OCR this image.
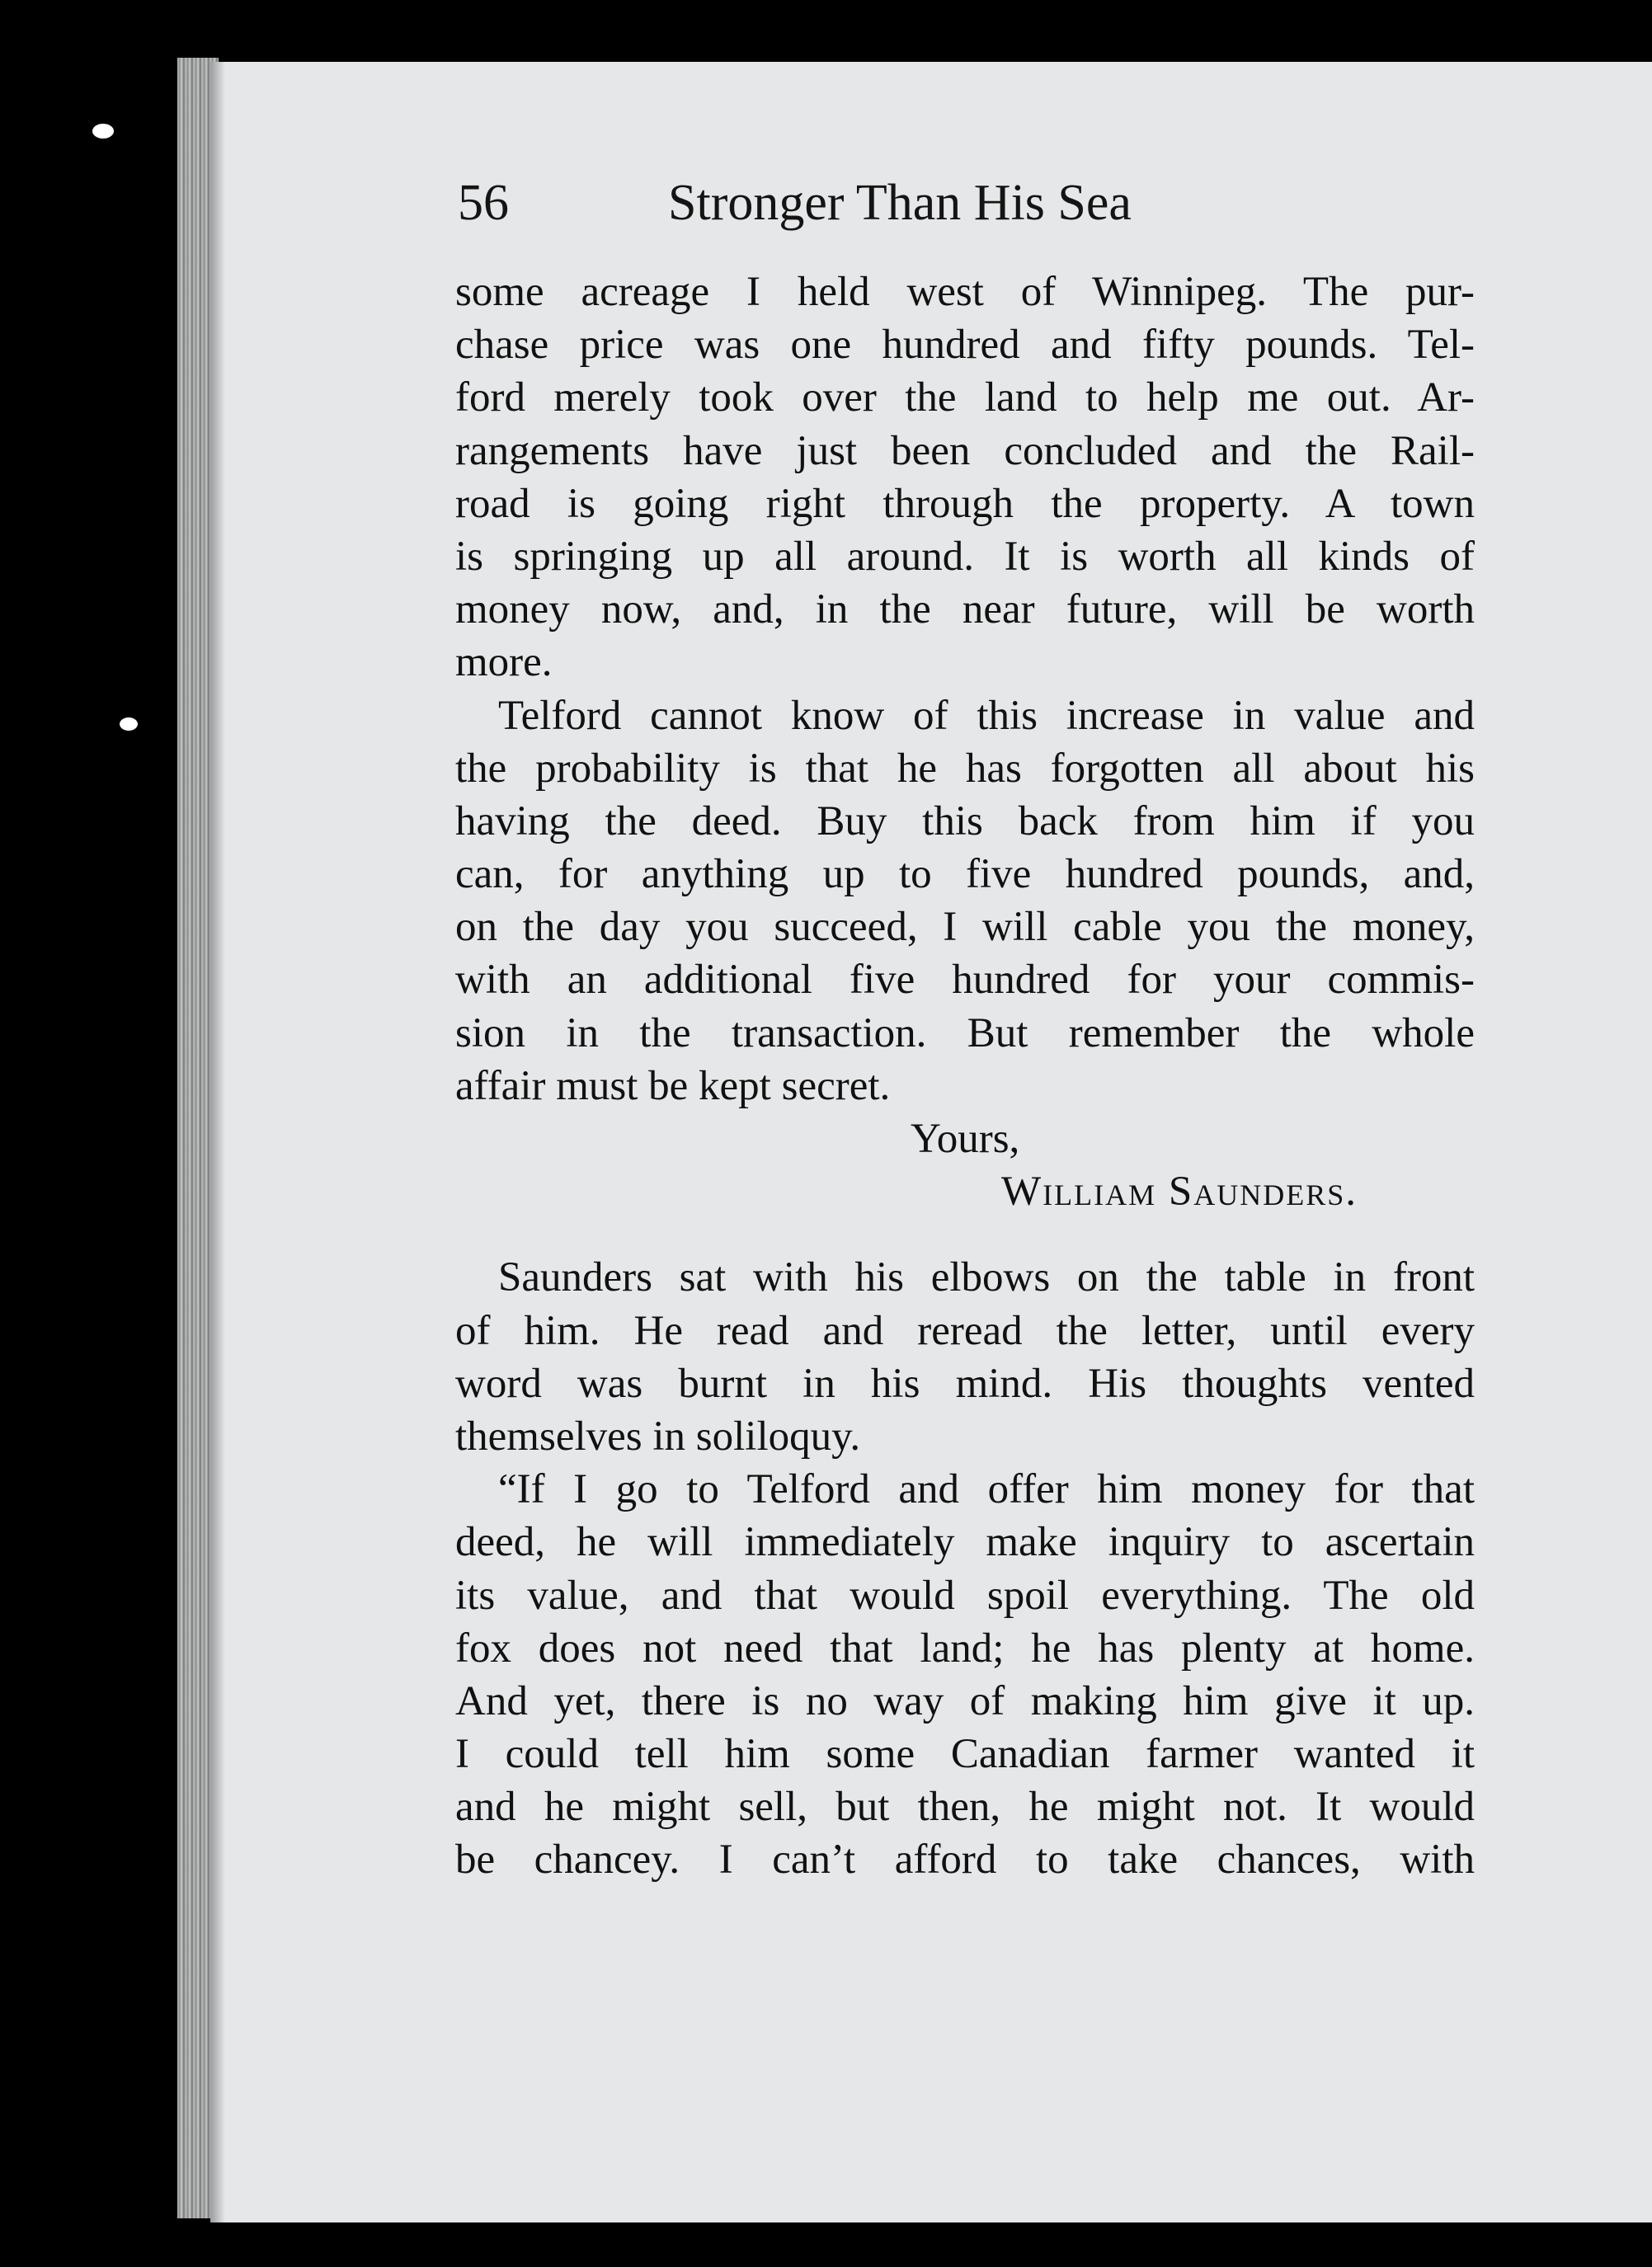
56	Stronger Than His Sea
some acreage I held west of Winnipeg. The pur-
chase price was one hundred and fifty pounds. Tel-
ford merely took over the land to help me out. Ar-
rangements have just been concluded and the Rail-
road is going right through the property. A town
is springing up all around. It is worth all kinds of
money now, and, in the near future, will be worth
more.
Telford cannot know of this increase in value and
the probability is that he has forgotten all about his
having the deed. Buy this back from him if you
can, for anything up to five hundred pounds, and,
on the day you succeed, I will cable you the money,
with an additional five hundred for your commis-
sion in the transaction. But remember the whole
affair must be kept secret.
Yours,
William Saunders.
Saunders sat with his elbows on the table in front
of him. He read and reread the letter, until every
word was burnt in his mind. His thoughts vented
themselves in soliloquy.
“If I go to Telford and offer him money for that
deed, he will immediately make inquiry to ascertain
its value, and that would spoil everything. The old
fox does not need that land; he has plenty at home.
And yet, there is no way of making him give it up.
I could tell him some Canadian farmer wanted it
and he might sell, but then, he might not. It would
be chancey. I can’t afford to take chances, with
